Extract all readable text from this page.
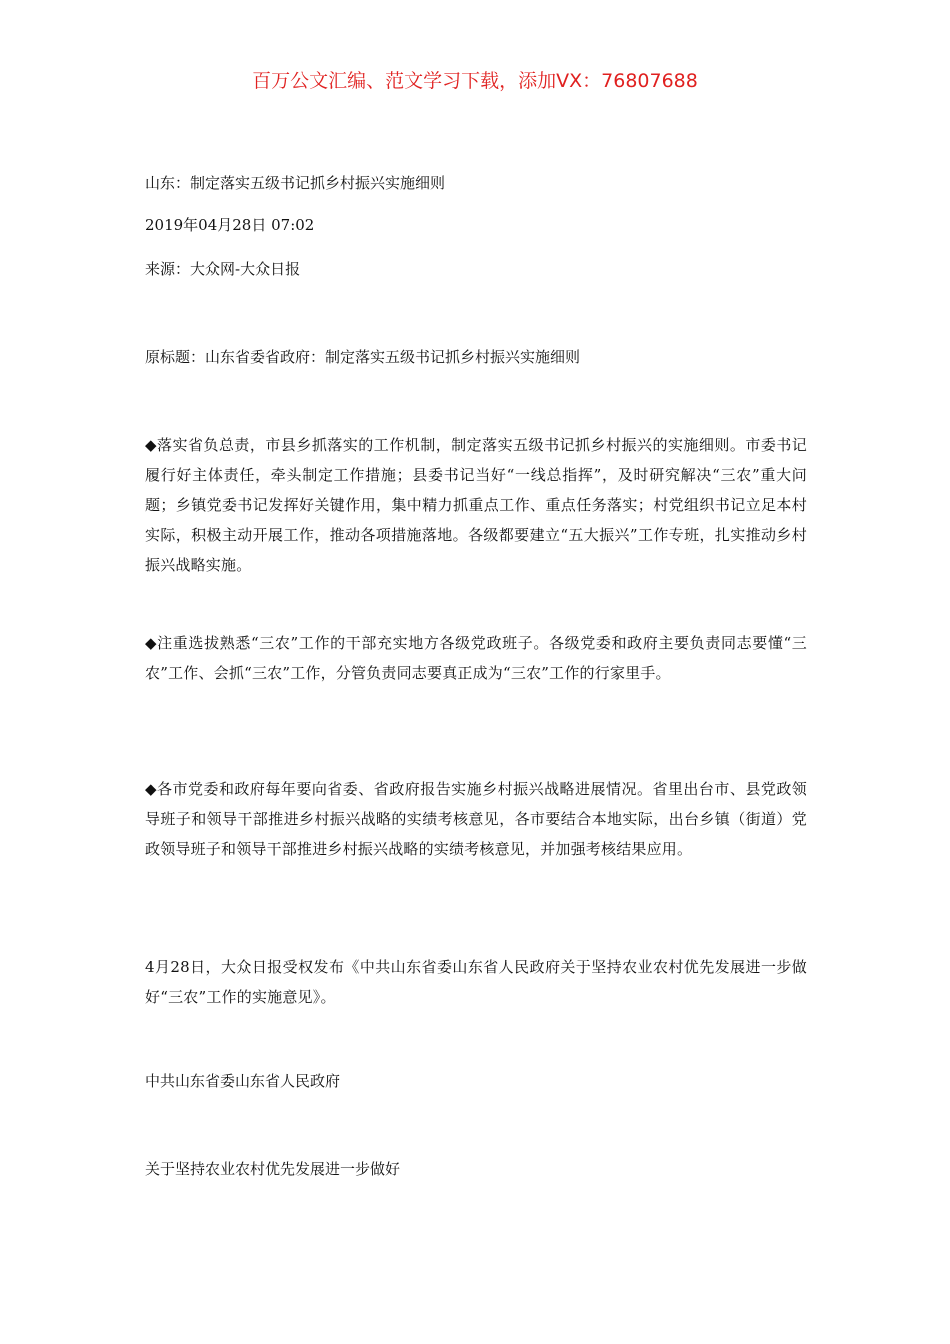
百万公文汇编、范文学习下载，添加VX：76807688

山东：制定落实五级书记抓乡村振兴实施细则

2019年04月28日 07:02

来源：大众网-大众日报

原标题：山东省委省政府：制定落实五级书记抓乡村振兴实施细则

◆落实省负总责，市县乡抓落实的工作机制，制定落实五级书记抓乡村振兴的实施细则。市委书记履行好主体责任，牵头制定工作措施；县委书记当好“一线总指挥”，及时研究解决“三农”重大问题；乡镇党委书记发挥好关键作用，集中精力抓重点工作、重点任务落实；村党组织书记立足本村实际，积极主动开展工作，推动各项措施落地。各级都要建立“五大振兴”工作专班，扎实推动乡村振兴战略实施。

◆注重选拔熟悉“三农”工作的干部充实地方各级党政班子。各级党委和政府主要负责同志要懂“三农”工作、会抓“三农”工作，分管负责同志要真正成为“三农”工作的行家里手。

◆各市党委和政府每年要向省委、省政府报告实施乡村振兴战略进展情况。省里出台市、县党政领导班子和领导干部推进乡村振兴战略的实绩考核意见，各市要结合本地实际，出台乡镇（街道）党政领导班子和领导干部推进乡村振兴战略的实绩考核意见，并加强考核结果应用。

4月28日，大众日报受权发布《中共山东省委山东省人民政府关于坚持农业农村优先发展进一步做好“三农”工作的实施意见》。

中共山东省委山东省人民政府

关于坚持农业农村优先发展进一步做好
